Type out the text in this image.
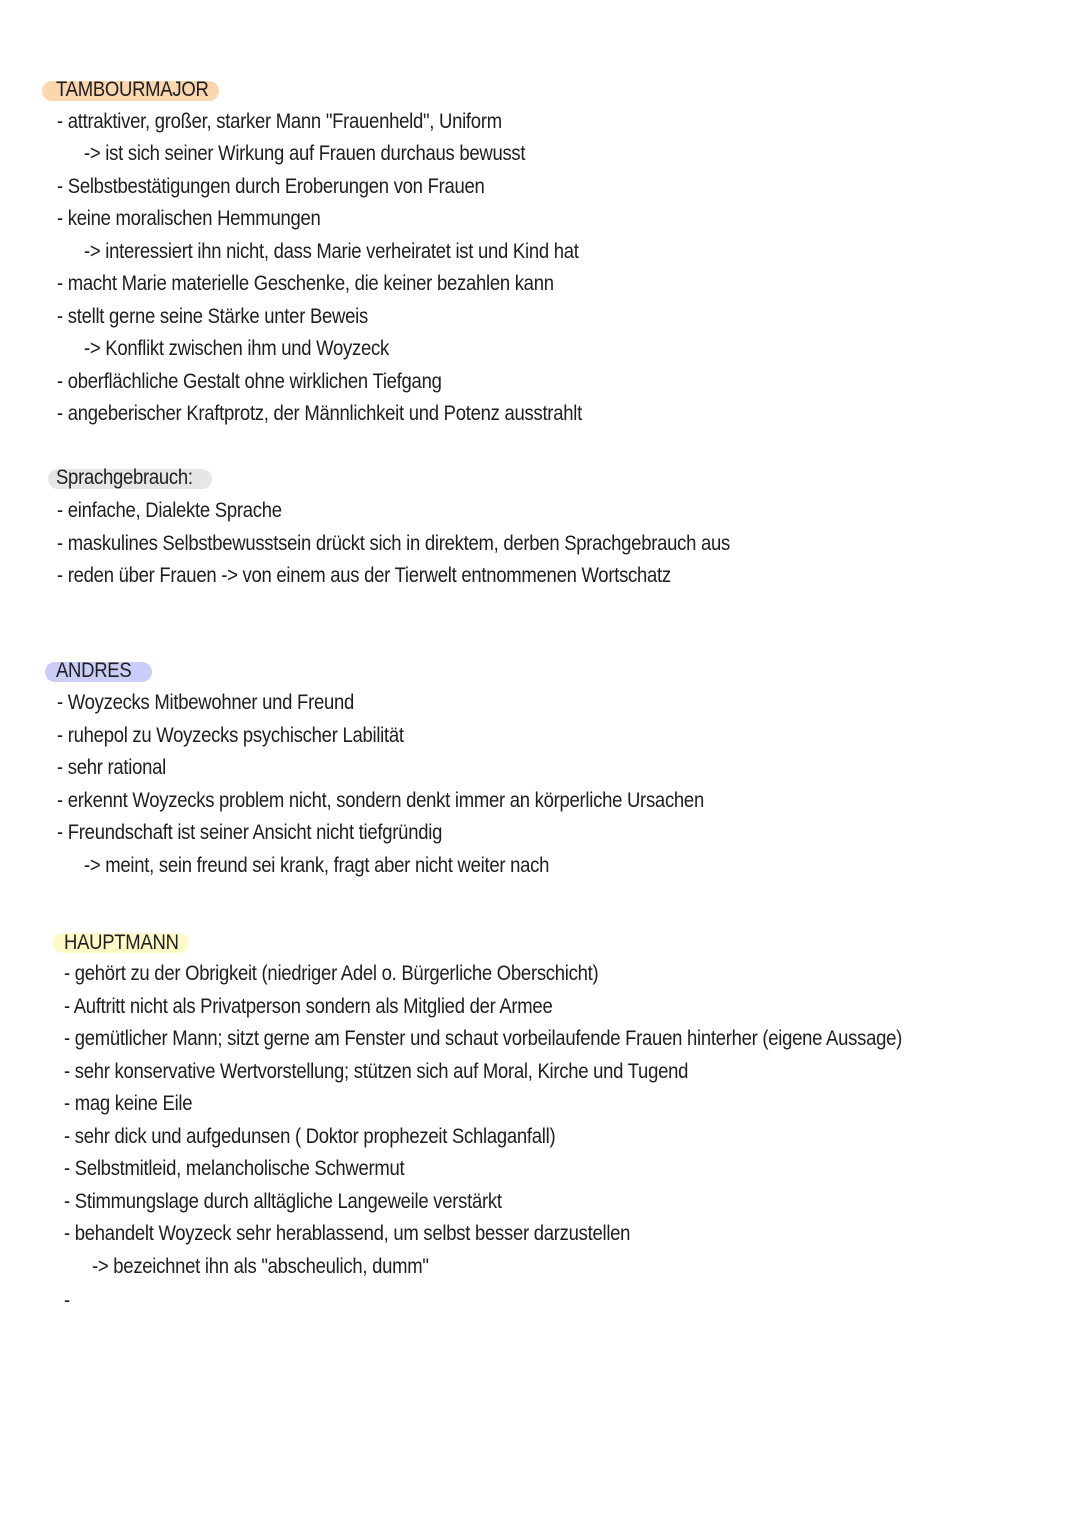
TAMBOURMAJOR
- attraktiver, großer, starker Mann "Frauenheld", Uniform
-> ist sich seiner Wirkung auf Frauen durchaus bewusst
- Selbstbestätigungen durch Eroberungen von Frauen
- keine moralischen Hemmungen
-> interessiert ihn nicht, dass Marie verheiratet ist und Kind hat
- macht Marie materielle Geschenke, die keiner bezahlen kann
- stellt gerne seine Stärke unter Beweis
-> Konflikt zwischen ihm und Woyzeck
- oberflächliche Gestalt ohne wirklichen Tiefgang
- angeberischer Kraftprotz, der Männlichkeit und Potenz ausstrahlt
Sprachgebrauch:
- einfache, Dialekte Sprache
- maskulines Selbstbewusstsein drückt sich in direktem, derben Sprachgebrauch aus
- reden über Frauen -> von einem aus der Tierwelt entnommenen Wortschatz
ANDRES
- Woyzecks Mitbewohner und Freund
- ruhepol zu Woyzecks psychischer Labilität
- sehr rational
- erkennt Woyzecks problem nicht, sondern denkt immer an körperliche Ursachen
- Freundschaft ist seiner Ansicht nicht tiefgründig
-> meint, sein freund sei krank, fragt aber nicht weiter nach
HAUPTMANN
- gehört zu der Obrigkeit (niedriger Adel o. Bürgerliche Oberschicht)
- Auftritt nicht als Privatperson sondern als Mitglied der Armee
- gemütlicher Mann; sitzt gerne am Fenster und schaut vorbeilaufende Frauen hinterher (eigene Aussage)
- sehr konservative Wertvorstellung; stützen sich auf Moral, Kirche und Tugend
- mag keine Eile
- sehr dick und aufgedunsen ( Doktor prophezeit Schlaganfall)
- Selbstmitleid, melancholische Schwermut
- Stimmungslage durch alltägliche Langeweile verstärkt
- behandelt Woyzeck sehr herablassend, um selbst besser darzustellen
-> bezeichnet ihn als "abscheulich, dumm"
-
